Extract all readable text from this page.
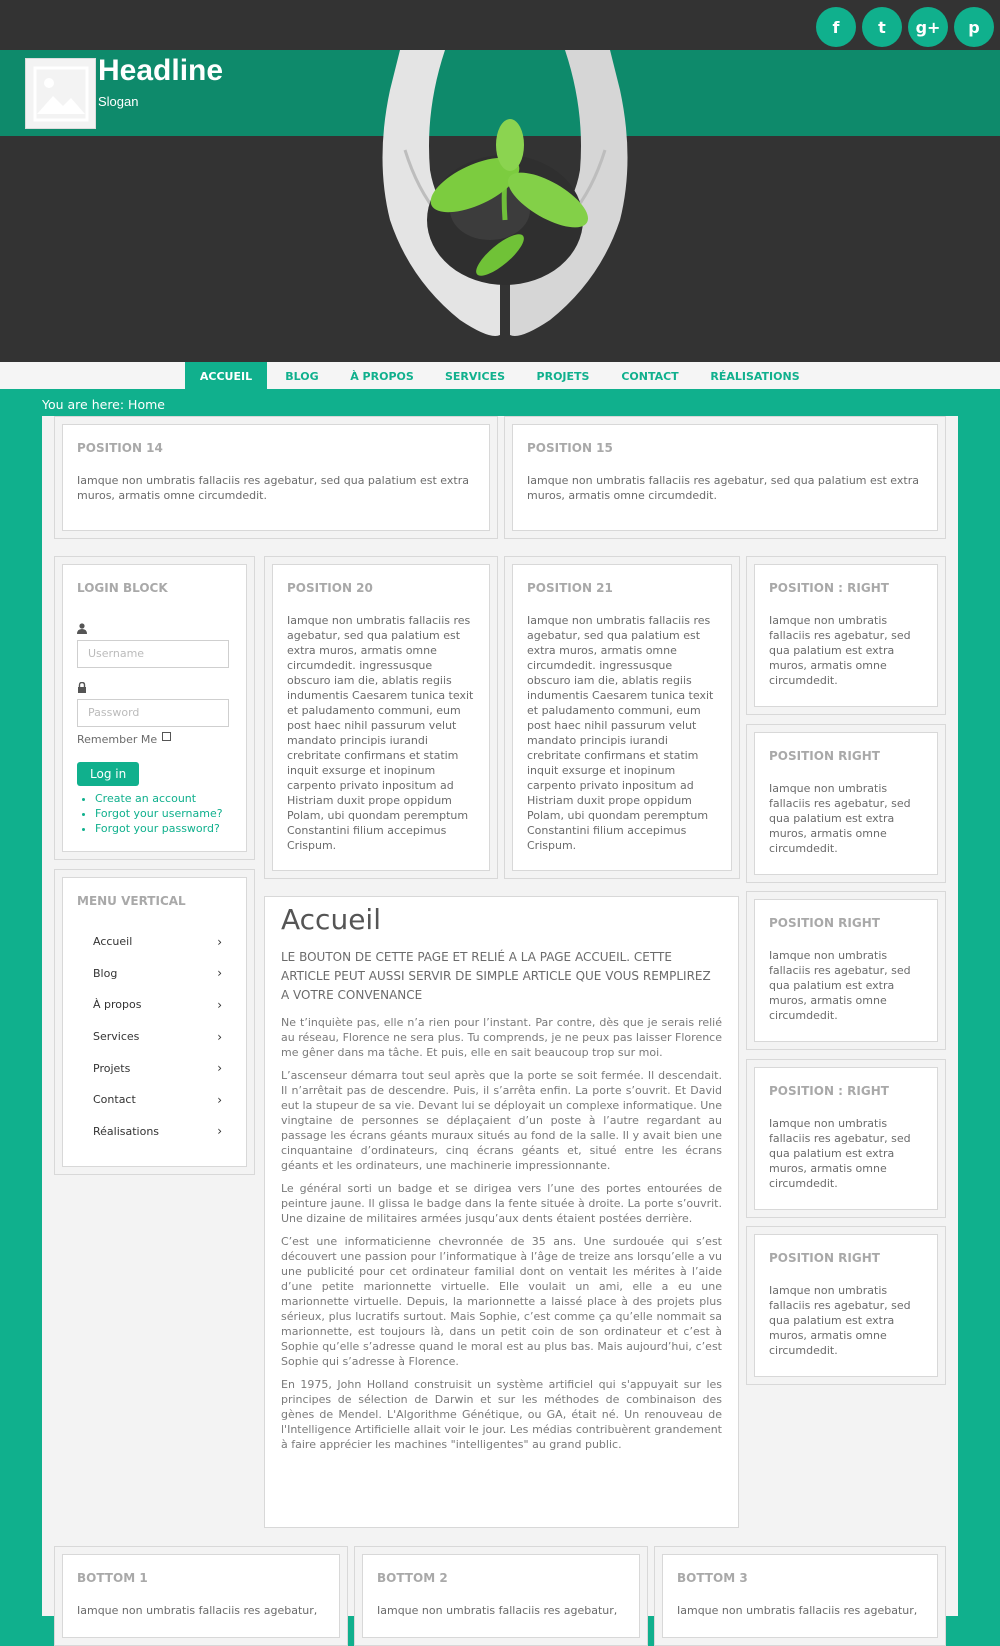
f	t	g+	p
Headline
Slogan
ACCUEIL	BLOG	À PROPOS	SERVICES	PROJETS	CONTACT	RÉALISATIONS
You are here: Home
POSITION 14
Iamque non umbratis fallaciis res agebatur, sed qua palatium est extra muros, armatis omne circumdedit.
POSITION 15
Iamque non umbratis fallaciis res agebatur, sed qua palatium est extra muros, armatis omne circumdedit.
LOGIN BLOCK
Username
Password
Remember Me
Log in
• Create an account
• Forgot your username?
• Forgot your password?
MENU VERTICAL
Accueil	›
Blog	›
À propos	›
Services	›
Projets	›
Contact	›
Réalisations	›
POSITION 20
Iamque non umbratis fallaciis res agebatur, sed qua palatium est extra muros, armatis omne circumdedit. ingressusque obscuro iam die, ablatis regiis indumentis Caesarem tunica texit et paludamento communi, eum post haec nihil passurum velut mandato principis iurandi crebritate confirmans et statim inquit exsurge et inopinum carpento privato inpositum ad Histriam duxit prope oppidum Polam, ubi quondam peremptum Constantini filium accepimus Crispum.
POSITION 21
Iamque non umbratis fallaciis res agebatur, sed qua palatium est extra muros, armatis omne circumdedit. ingressusque obscuro iam die, ablatis regiis indumentis Caesarem tunica texit et paludamento communi, eum post haec nihil passurum velut mandato principis iurandi crebritate confirmans et statim inquit exsurge et inopinum carpento privato inpositum ad Histriam duxit prope oppidum Polam, ubi quondam peremptum Constantini filium accepimus Crispum.
POSITION : RIGHT
Iamque non umbratis fallaciis res agebatur, sed qua palatium est extra muros, armatis omne circumdedit.
POSITION RIGHT
Iamque non umbratis fallaciis res agebatur, sed qua palatium est extra muros, armatis omne circumdedit.
POSITION RIGHT
Iamque non umbratis fallaciis res agebatur, sed qua palatium est extra muros, armatis omne circumdedit.
POSITION : RIGHT
Iamque non umbratis fallaciis res agebatur, sed qua palatium est extra muros, armatis omne circumdedit.
POSITION RIGHT
Iamque non umbratis fallaciis res agebatur, sed qua palatium est extra muros, armatis omne circumdedit.
Accueil
LE BOUTON DE CETTE PAGE ET RELIÉ A LA PAGE ACCUEIL. CETTE ARTICLE PEUT AUSSI SERVIR DE SIMPLE ARTICLE QUE VOUS REMPLIREZ A VOTRE CONVENANCE

Ne t’inquiète pas, elle n’a rien pour l’instant. Par contre, dès que je serais relié au réseau, Florence ne sera plus. Tu comprends, je ne peux pas laisser Florence me gêner dans ma tâche. Et puis, elle en sait beaucoup trop sur moi.

L’ascenseur démarra tout seul après que la porte se soit fermée. Il descendait. Il n’arrêtait pas de descendre. Puis, il s’arrêta enfin. La porte s’ouvrit. Et David eut la stupeur de sa vie. Devant lui se déployait un complexe informatique. Une vingtaine de personnes se déplaçaient d’un poste à l’autre regardant au passage les écrans géants muraux situés au fond de la salle. Il y avait bien une cinquantaine d’ordinateurs, cinq écrans géants et, situé entre les écrans géants et les ordinateurs, une machinerie impressionnante.

Le général sorti un badge et se dirigea vers l’une des portes entourées de peinture jaune. Il glissa le badge dans la fente située à droite. La porte s’ouvrit. Une dizaine de militaires armées jusqu’aux dents étaient postées derrière.

C’est une informaticienne chevronnée de 35 ans. Une surdouée qui s’est découvert une passion pour l’informatique à l’âge de treize ans lorsqu’elle a vu une publicité pour cet ordinateur familial dont on ventait les mérites à l’aide d’une petite marionnette virtuelle. Elle voulait un ami, elle a eu une marionnette virtuelle. Depuis, la marionnette a laissé place à des projets plus sérieux, plus lucratifs surtout. Mais Sophie, c’est comme ça qu’elle nommait sa marionnette, est toujours là, dans un petit coin de son ordinateur et c’est à Sophie qu’elle s’adresse quand le moral est au plus bas. Mais aujourd’hui, c’est Sophie qui s’adresse à Florence.

En 1975, John Holland construisit un système artificiel qui s'appuyait sur les principes de sélection de Darwin et sur les méthodes de combinaison des gènes de Mendel. L'Algorithme Génétique, ou GA, était né. Un renouveau de l'Intelligence Artificielle allait voir le jour. Les médias contribuèrent grandement à faire apprécier les machines "intelligentes" au grand public.

BOTTOM 1
Iamque non umbratis fallaciis res agebatur,
BOTTOM 2
Iamque non umbratis fallaciis res agebatur,
BOTTOM 3
Iamque non umbratis fallaciis res agebatur,
